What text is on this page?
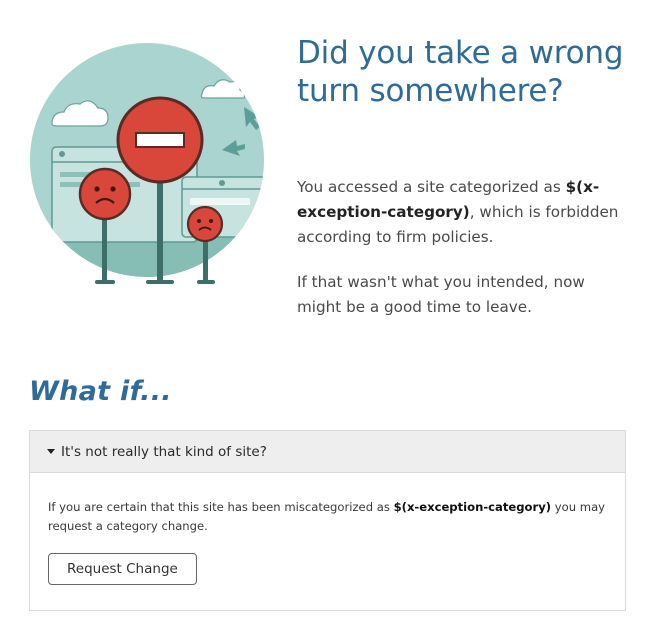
Did you take a wrong turn somewhere?

You accessed a site categorized as $(x-exception-category), which is forbidden according to firm policies.

If that wasn't what you intended, now might be a good time to leave.

What if...
It's not really that kind of site?
If you are certain that this site has been miscategorized as $(x-exception-category) you may request a category change.
Request Change
